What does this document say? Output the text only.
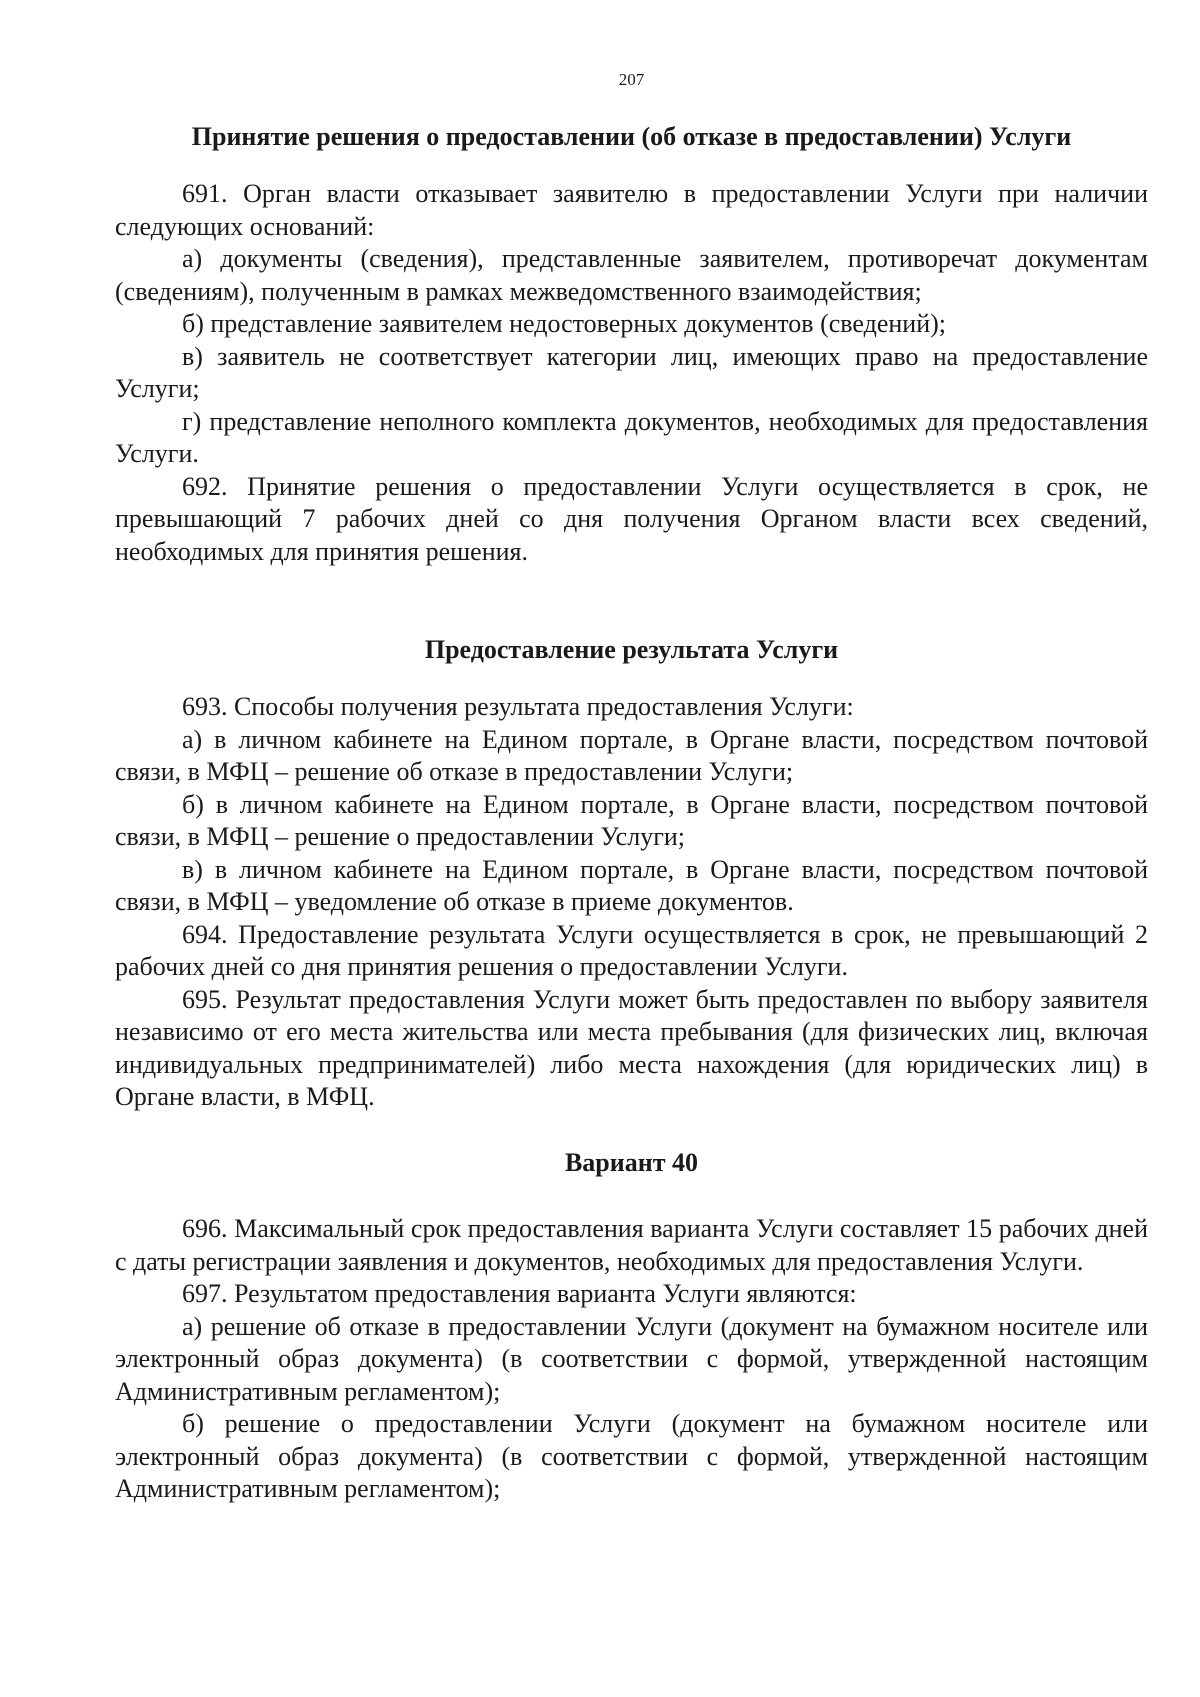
207
Принятие решения о предоставлении (об отказе в предоставлении) Услуги

691. Орган власти отказывает заявителю в предоставлении Услуги при наличии следующих оснований:

а) документы (сведения), представленные заявителем, противоречат документам (сведениям), полученным в рамках межведомственного взаимодействия;

б) представление заявителем недостоверных документов (сведений);

в) заявитель не соответствует категории лиц, имеющих право на предоставление Услуги;

г) представление неполного комплекта документов, необходимых для предоставления Услуги.

692. Принятие решения о предоставлении Услуги осуществляется в срок, не превышающий 7 рабочих дней со дня получения Органом власти всех сведений, необходимых для принятия решения.

Предоставление результата Услуги

693. Способы получения результата предоставления Услуги:

а) в личном кабинете на Едином портале, в Органе власти, посредством почтовой связи, в МФЦ – решение об отказе в предоставлении Услуги;

б) в личном кабинете на Едином портале, в Органе власти, посредством почтовой связи, в МФЦ – решение о предоставлении Услуги;

в) в личном кабинете на Едином портале, в Органе власти, посредством почтовой связи, в МФЦ – уведомление об отказе в приеме документов.

694. Предоставление результата Услуги осуществляется в срок, не превышающий 2 рабочих дней со дня принятия решения о предоставлении Услуги.

695. Результат предоставления Услуги может быть предоставлен по выбору заявителя независимо от его места жительства или места пребывания (для физических лиц, включая индивидуальных предпринимателей) либо места нахождения (для юридических лиц) в Органе власти, в МФЦ.

Вариант 40

696. Максимальный срок предоставления варианта Услуги составляет 15 рабочих дней с даты регистрации заявления и документов, необходимых для предоставления Услуги.

697. Результатом предоставления варианта Услуги являются:

а) решение об отказе в предоставлении Услуги (документ на бумажном носителе или электронный образ документа) (в соответствии с формой, утвержденной настоящим Административным регламентом);

б) решение о предоставлении Услуги (документ на бумажном носителе или электронный образ документа) (в соответствии с формой, утвержденной настоящим Административным регламентом);
